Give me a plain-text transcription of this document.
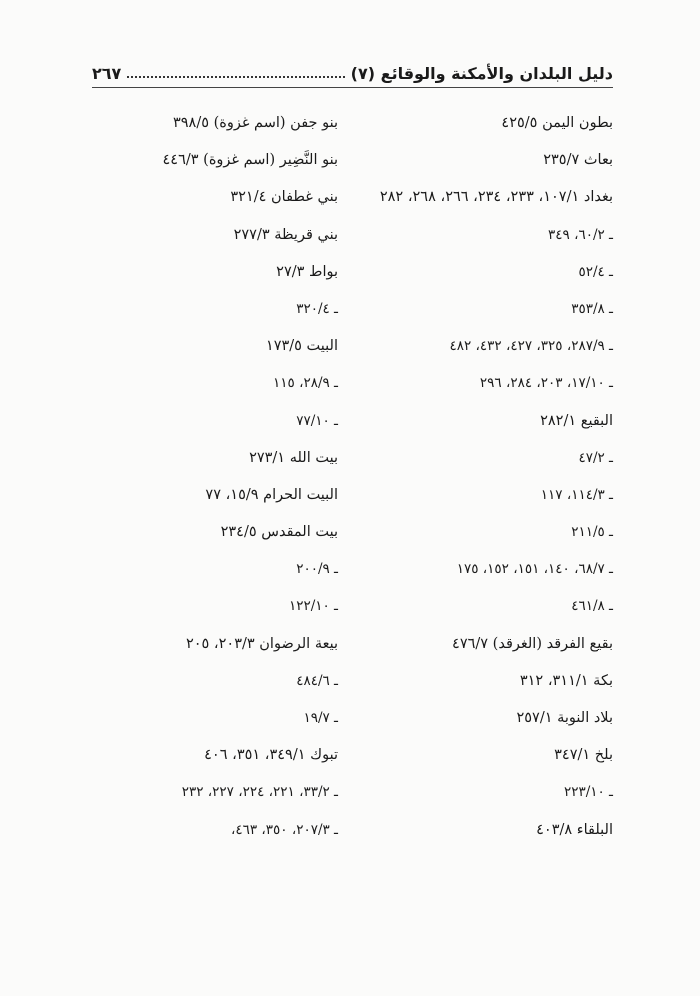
دليل البلدان والأمكنة والوقائع (٧)
٢٦٧
بطون اليمن ٤٢٥/٥
بعاث ٢٣٥/٧
بغداد ١٠٧/١، ٢٣٣، ٢٣٤، ٢٦٦، ٢٦٨، ٢٨٢
ـ ٦٠/٢، ٣٤٩
ـ ٥٢/٤
ـ ٣٥٣/٨
ـ ٢٨٧/٩، ٣٢٥، ٤٢٧، ٤٣٢، ٤٨٢
ـ ١٧/١٠، ٢٠٣، ٢٨٤، ٢٩٦
البقيع ٢٨٢/١
ـ ٤٧/٢
ـ ١١٤/٣، ١١٧
ـ ٢١١/٥
ـ ٦٨/٧، ١٤٠، ١٥١، ١٥٢، ١٧٥
ـ ٤٦١/٨
بقيع الفرقد (الغرقد) ٤٧٦/٧
بكة ٣١١/١، ٣١٢
بلاد النوبة ٢٥٧/١
بلخ ٣٤٧/١
ـ ٢٢٣/١٠
البلقاء ٤٠٣/٨
بنو جفن (اسم غزوة) ٣٩٨/٥
بنو النَّضِير (اسم غزوة) ٤٤٦/٣
بني غطفان ٣٢١/٤
بني قريظة ٢٧٧/٣
بواط ٢٧/٣
ـ ٣٢٠/٤
البيت ١٧٣/٥
ـ ٢٨/٩، ١١٥
ـ ٧٧/١٠
بيت الله ٢٧٣/١
البيت الحرام ١٥/٩، ٧٧
بيت المقدس ٢٣٤/٥
ـ ٢٠٠/٩
ـ ١٢٢/١٠
بيعة الرضوان ٢٠٣/٣، ٢٠٥
ـ ٤٨٤/٦
ـ ١٩/٧
تبوك ٣٤٩/١، ٣٥١، ٤٠٦
ـ ٣٣/٢، ٢٢١، ٢٢٤، ٢٢٧، ٢٣٢
ـ ٢٠٧/٣، ٣٥٠، ٤٦٣،
